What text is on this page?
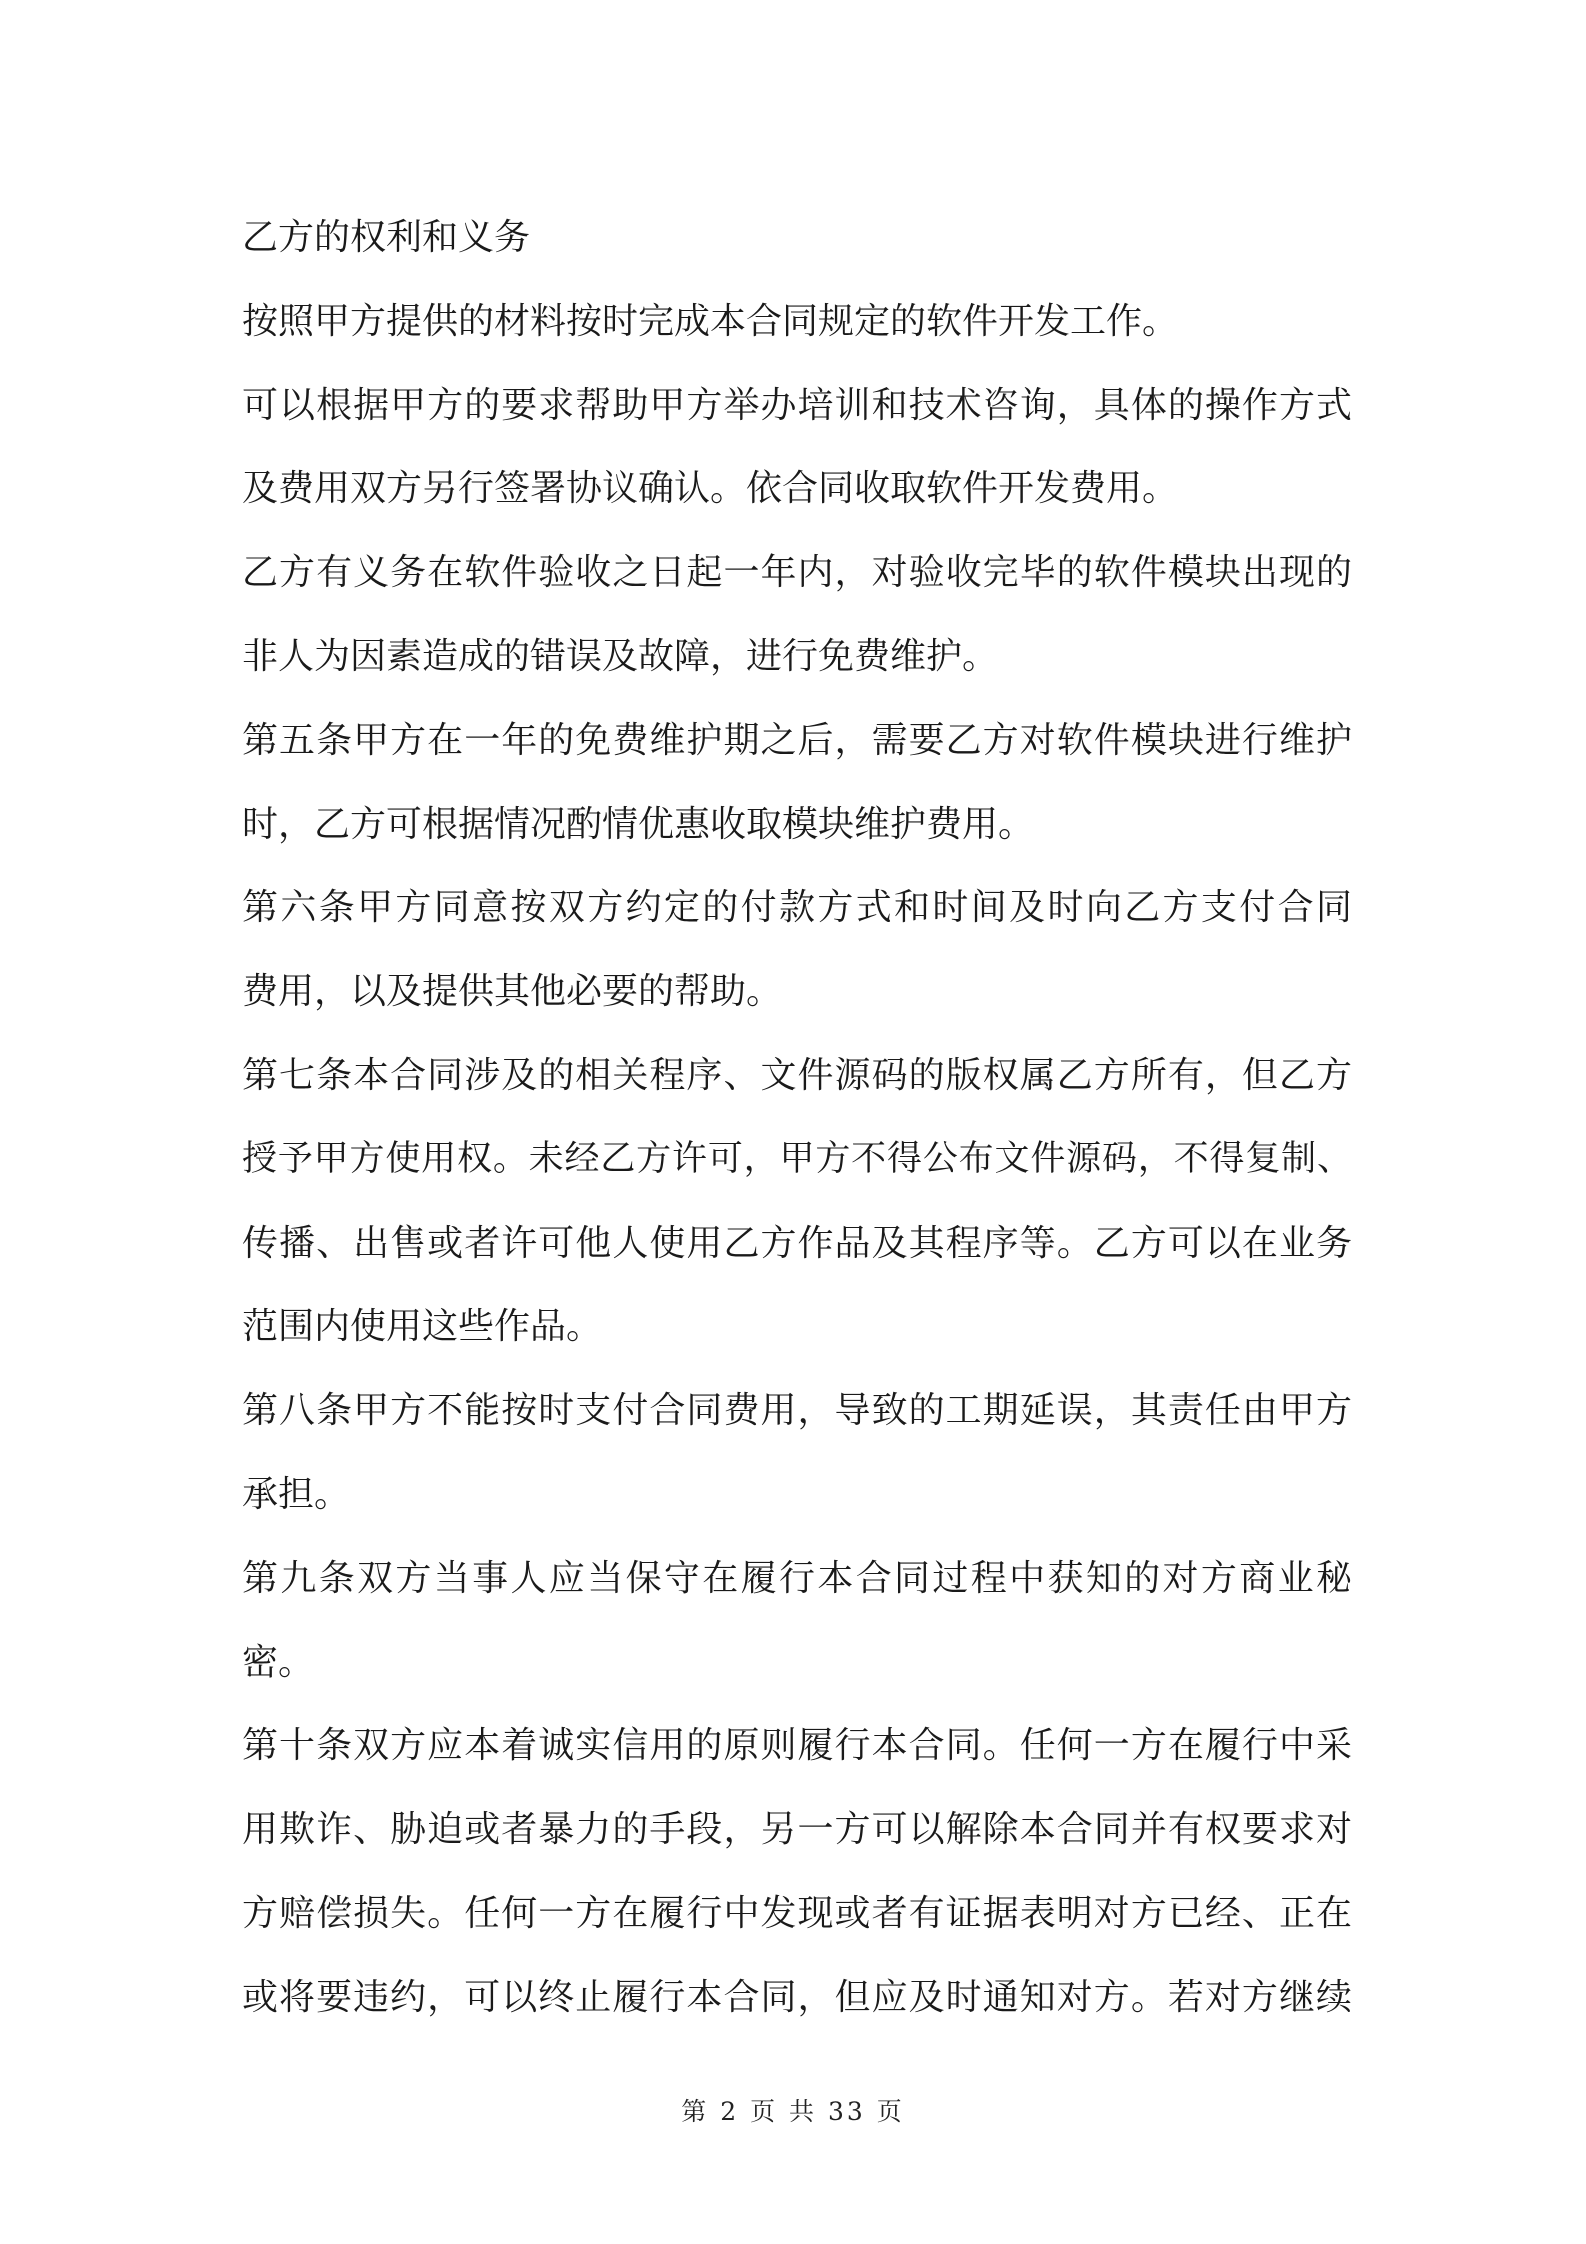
乙方的权利和义务
按照甲方提供的材料按时完成本合同规定的软件开发工作。
可以根据甲方的要求帮助甲方举办培训和技术咨询，具体的操作方式
及费用双方另行签署协议确认。依合同收取软件开发费用。
乙方有义务在软件验收之日起一年内，对验收完毕的软件模块出现的
非人为因素造成的错误及故障，进行免费维护。
第五条甲方在一年的免费维护期之后，需要乙方对软件模块进行维护
时，乙方可根据情况酌情优惠收取模块维护费用。
第六条甲方同意按双方约定的付款方式和时间及时向乙方支付合同
费用，以及提供其他必要的帮助。
第七条本合同涉及的相关程序、文件源码的版权属乙方所有，但乙方
授予甲方使用权。未经乙方许可，甲方不得公布文件源码，不得复制、
传播、出售或者许可他人使用乙方作品及其程序等。乙方可以在业务
范围内使用这些作品。
第八条甲方不能按时支付合同费用，导致的工期延误，其责任由甲方
承担。
第九条双方当事人应当保守在履行本合同过程中获知的对方商业秘
密。
第十条双方应本着诚实信用的原则履行本合同。任何一方在履行中采
用欺诈、胁迫或者暴力的手段，另一方可以解除本合同并有权要求对
方赔偿损失。任何一方在履行中发现或者有证据表明对方已经、正在
或将要违约，可以终止履行本合同，但应及时通知对方。若对方继续
第 2 页 共 33 页
